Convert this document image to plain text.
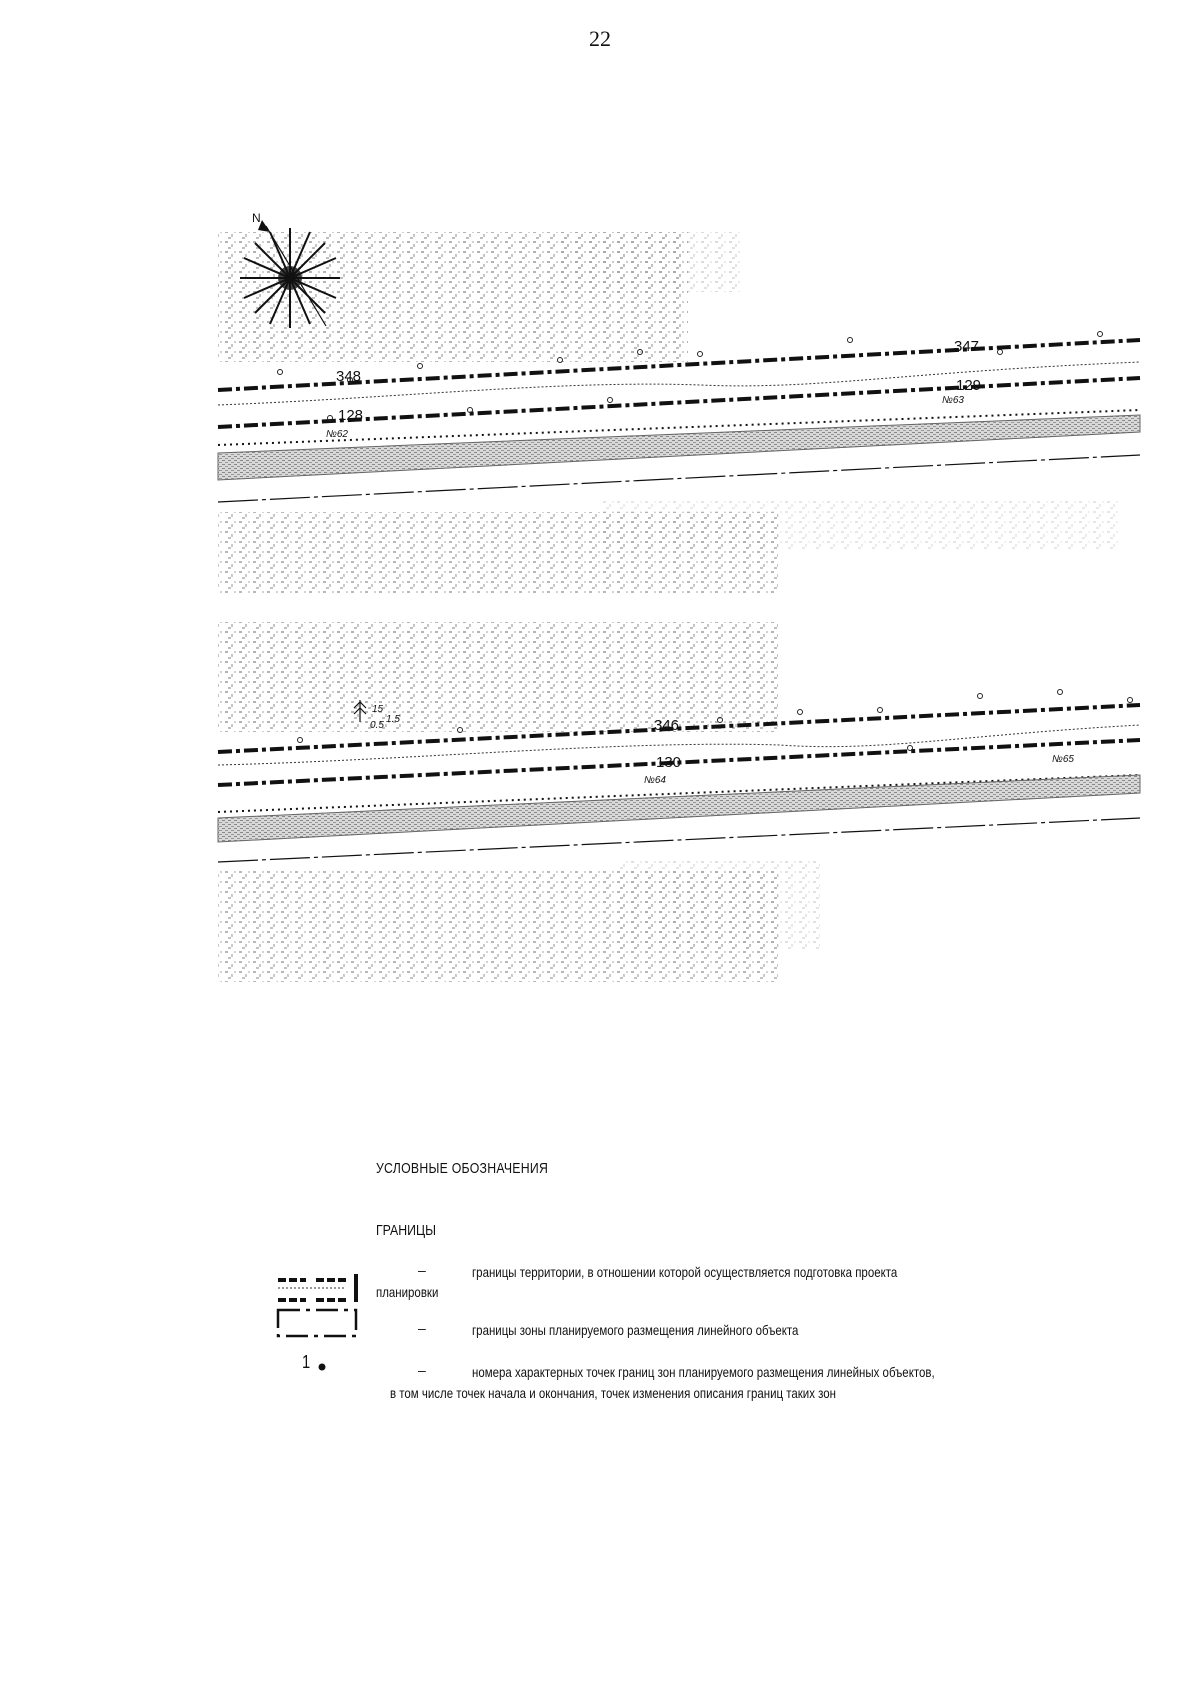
22
N
348
347
128
129
№62
№63
15
1.5
0.5	346
130
№64
№65
УСЛОВНЫЕ ОБОЗНАЧЕНИЯ
ГРАНИЦЫ
–	границы территории, в отношении которой осуществляется подготовка проекта
планировки
–	границы зоны планируемого размещения линейного объекта
1	–	номера характерных точек границ зон планируемого размещения линейных объектов,
в том числе точек начала и окончания, точек изменения описания границ таких зон
